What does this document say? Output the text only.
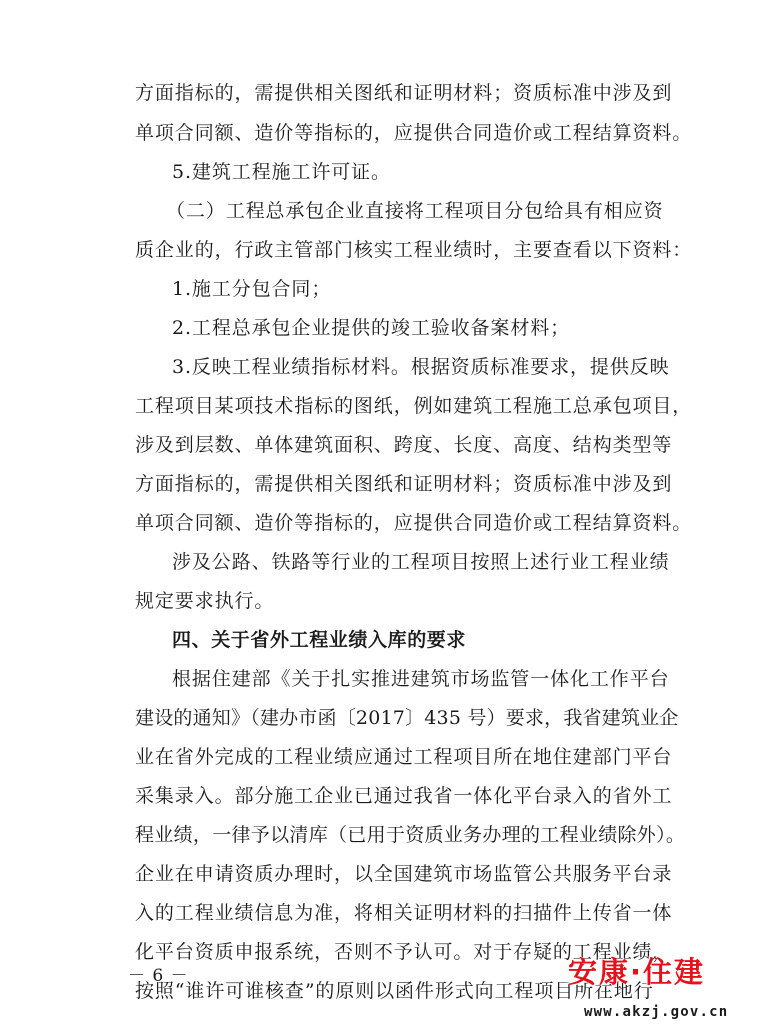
方面指标的，需提供相关图纸和证明材料；资质标准中涉及到
单项合同额、造价等指标的，应提供合同造价或工程结算资料。
5.建筑工程施工许可证。
（二）工程总承包企业直接将工程项目分包给具有相应资
质企业的，行政主管部门核实工程业绩时，主要查看以下资料：
1.施工分包合同；
2.工程总承包企业提供的竣工验收备案材料；
3.反映工程业绩指标材料。根据资质标准要求，提供反映
工程项目某项技术指标的图纸，例如建筑工程施工总承包项目，
涉及到层数、单体建筑面积、跨度、长度、高度、结构类型等
方面指标的，需提供相关图纸和证明材料；资质标准中涉及到
单项合同额、造价等指标的，应提供合同造价或工程结算资料。
涉及公路、铁路等行业的工程项目按照上述行业工程业绩
规定要求执行。
四、关于省外工程业绩入库的要求
根据住建部《关于扎实推进建筑市场监管一体化工作平台
建设的通知》（建办市函〔2017〕435 号）要求，我省建筑业企
业在省外完成的工程业绩应通过工程项目所在地住建部门平台
采集录入。部分施工企业已通过我省一体化平台录入的省外工
程业绩，一律予以清库（已用于资质业务办理的工程业绩除外）。
企业在申请资质办理时，以全国建筑市场监管公共服务平台录
入的工程业绩信息为准，将相关证明材料的扫描件上传省一体
化平台资质申报系统，否则不予认可。对于存疑的工程业绩，
按照“谁许可谁核查”的原则以函件形式向工程项目所在地行
安康·住建
www.akzj.gov.cn
－ 6 －
